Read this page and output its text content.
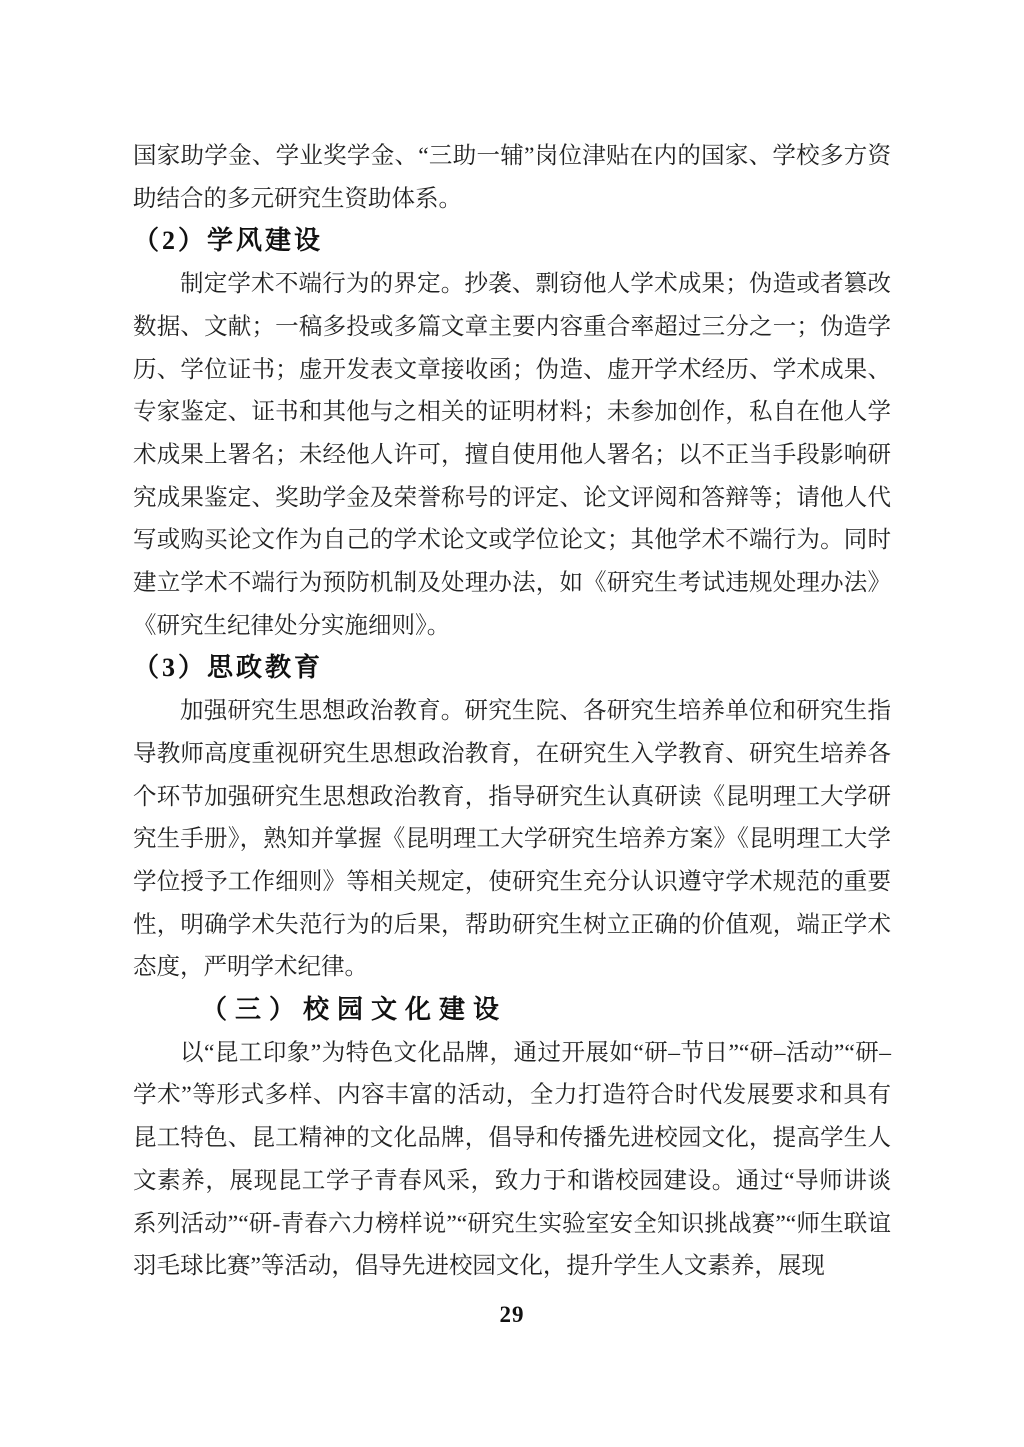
国家助学金、学业奖学金、“三助一辅”岗位津贴在内的国家、学校多方资助结合的多元研究生资助体系。

（2）学风建设

制定学术不端行为的界定。抄袭、剽窃他人学术成果；伪造或者篡改数据、文献；一稿多投或多篇文章主要内容重合率超过三分之一；伪造学历、学位证书；虚开发表文章接收函；伪造、虚开学术经历、学术成果、专家鉴定、证书和其他与之相关的证明材料；未参加创作，私自在他人学术成果上署名；未经他人许可，擅自使用他人署名；以不正当手段影响研究成果鉴定、奖助学金及荣誉称号的评定、论文评阅和答辩等；请他人代写或购买论文作为自己的学术论文或学位论文；其他学术不端行为。同时建立学术不端行为预防机制及处理办法，如《研究生考试违规处理办法》《研究生纪律处分实施细则》。

（3）思政教育

加强研究生思想政治教育。研究生院、各研究生培养单位和研究生指导教师高度重视研究生思想政治教育，在研究生入学教育、研究生培养各个环节加强研究生思想政治教育，指导研究生认真研读《昆明理工大学研究生手册》，熟知并掌握《昆明理工大学研究生培养方案》《昆明理工大学学位授予工作细则》等相关规定，使研究生充分认识遵守学术规范的重要性，明确学术失范行为的后果，帮助研究生树立正确的价值观，端正学术态度，严明学术纪律。

（三）校园文化建设

以“昆工印象”为特色文化品牌，通过开展如“研–节日”“研–活动”“研–学术”等形式多样、内容丰富的活动，全力打造符合时代发展要求和具有昆工特色、昆工精神的文化品牌，倡导和传播先进校园文化，提高学生人文素养，展现昆工学子青春风采，致力于和谐校园建设。通过“导师讲谈系列活动”“研-青春六力榜样说”“研究生实验室安全知识挑战赛”“师生联谊羽毛球比赛”等活动，倡导先进校园文化，提升学生人文素养，展现

29
